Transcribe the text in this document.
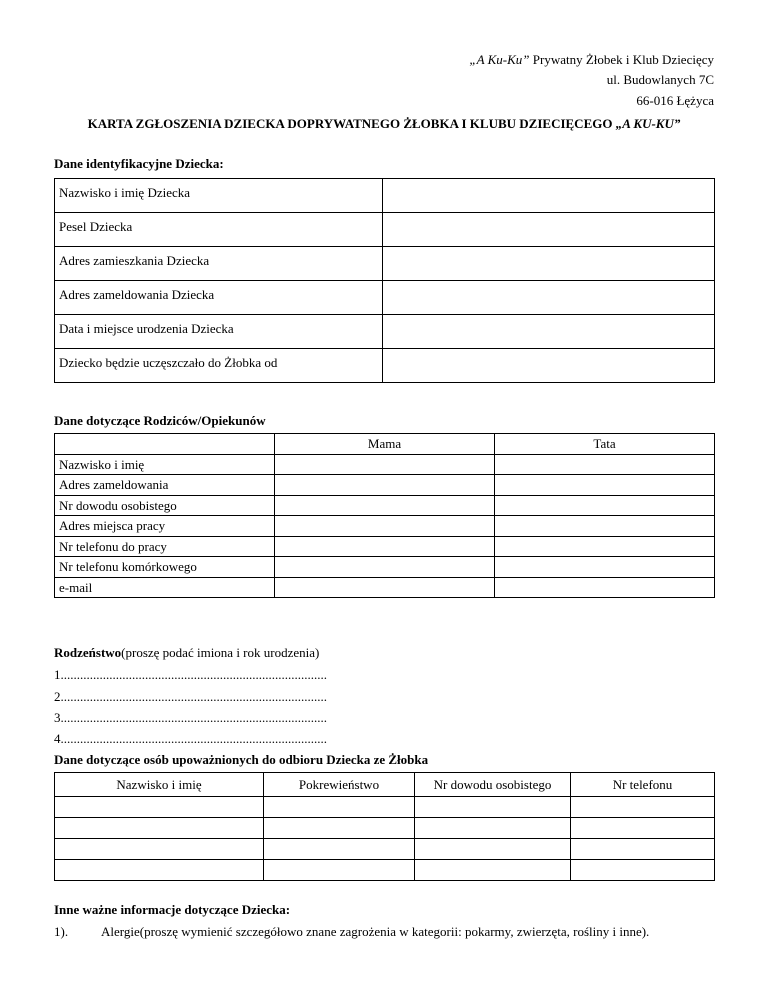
„A Ku-Ku” Prywatny Żłobek i Klub Dziecięcy
ul. Budowlanych 7C
66-016 Łężyca
KARTA ZGŁOSZENIA DZIECKA DOPRYWATNEGO ŻŁOBKA I KLUBU DZIECIĘCEGO „A KU-KU”
Dane identyfikacyjne Dziecka:
Nazwisko i imię Dziecka	
Pesel Dziecka	
Adres zamieszkania Dziecka	
Adres zameldowania Dziecka	
Data i miejsce urodzenia Dziecka	
Dziecko będzie uczęszczało do Żłobka od	
Dane dotyczące Rodziców/Opiekunów
	Mama	Tata
Nazwisko i imię		
Adres zameldowania		
Nr dowodu osobistego		
Adres miejsca pracy		
Nr telefonu do pracy		
Nr telefonu komórkowego		
e-mail		
Rodzeństwo(proszę podać imiona i rok urodzenia)
1..................................................................................
2..................................................................................
3..................................................................................
4..................................................................................
Dane dotyczące osób upoważnionych do odbioru Dziecka ze Żłobka
Nazwisko i imię	Pokrewieństwo	Nr dowodu osobistego	Nr telefonu

Inne ważne informacje dotyczące Dziecka:
1).	Alergie(proszę wymienić szczegółowo znane zagrożenia w kategorii: pokarmy, zwierzęta, rośliny i inne).
